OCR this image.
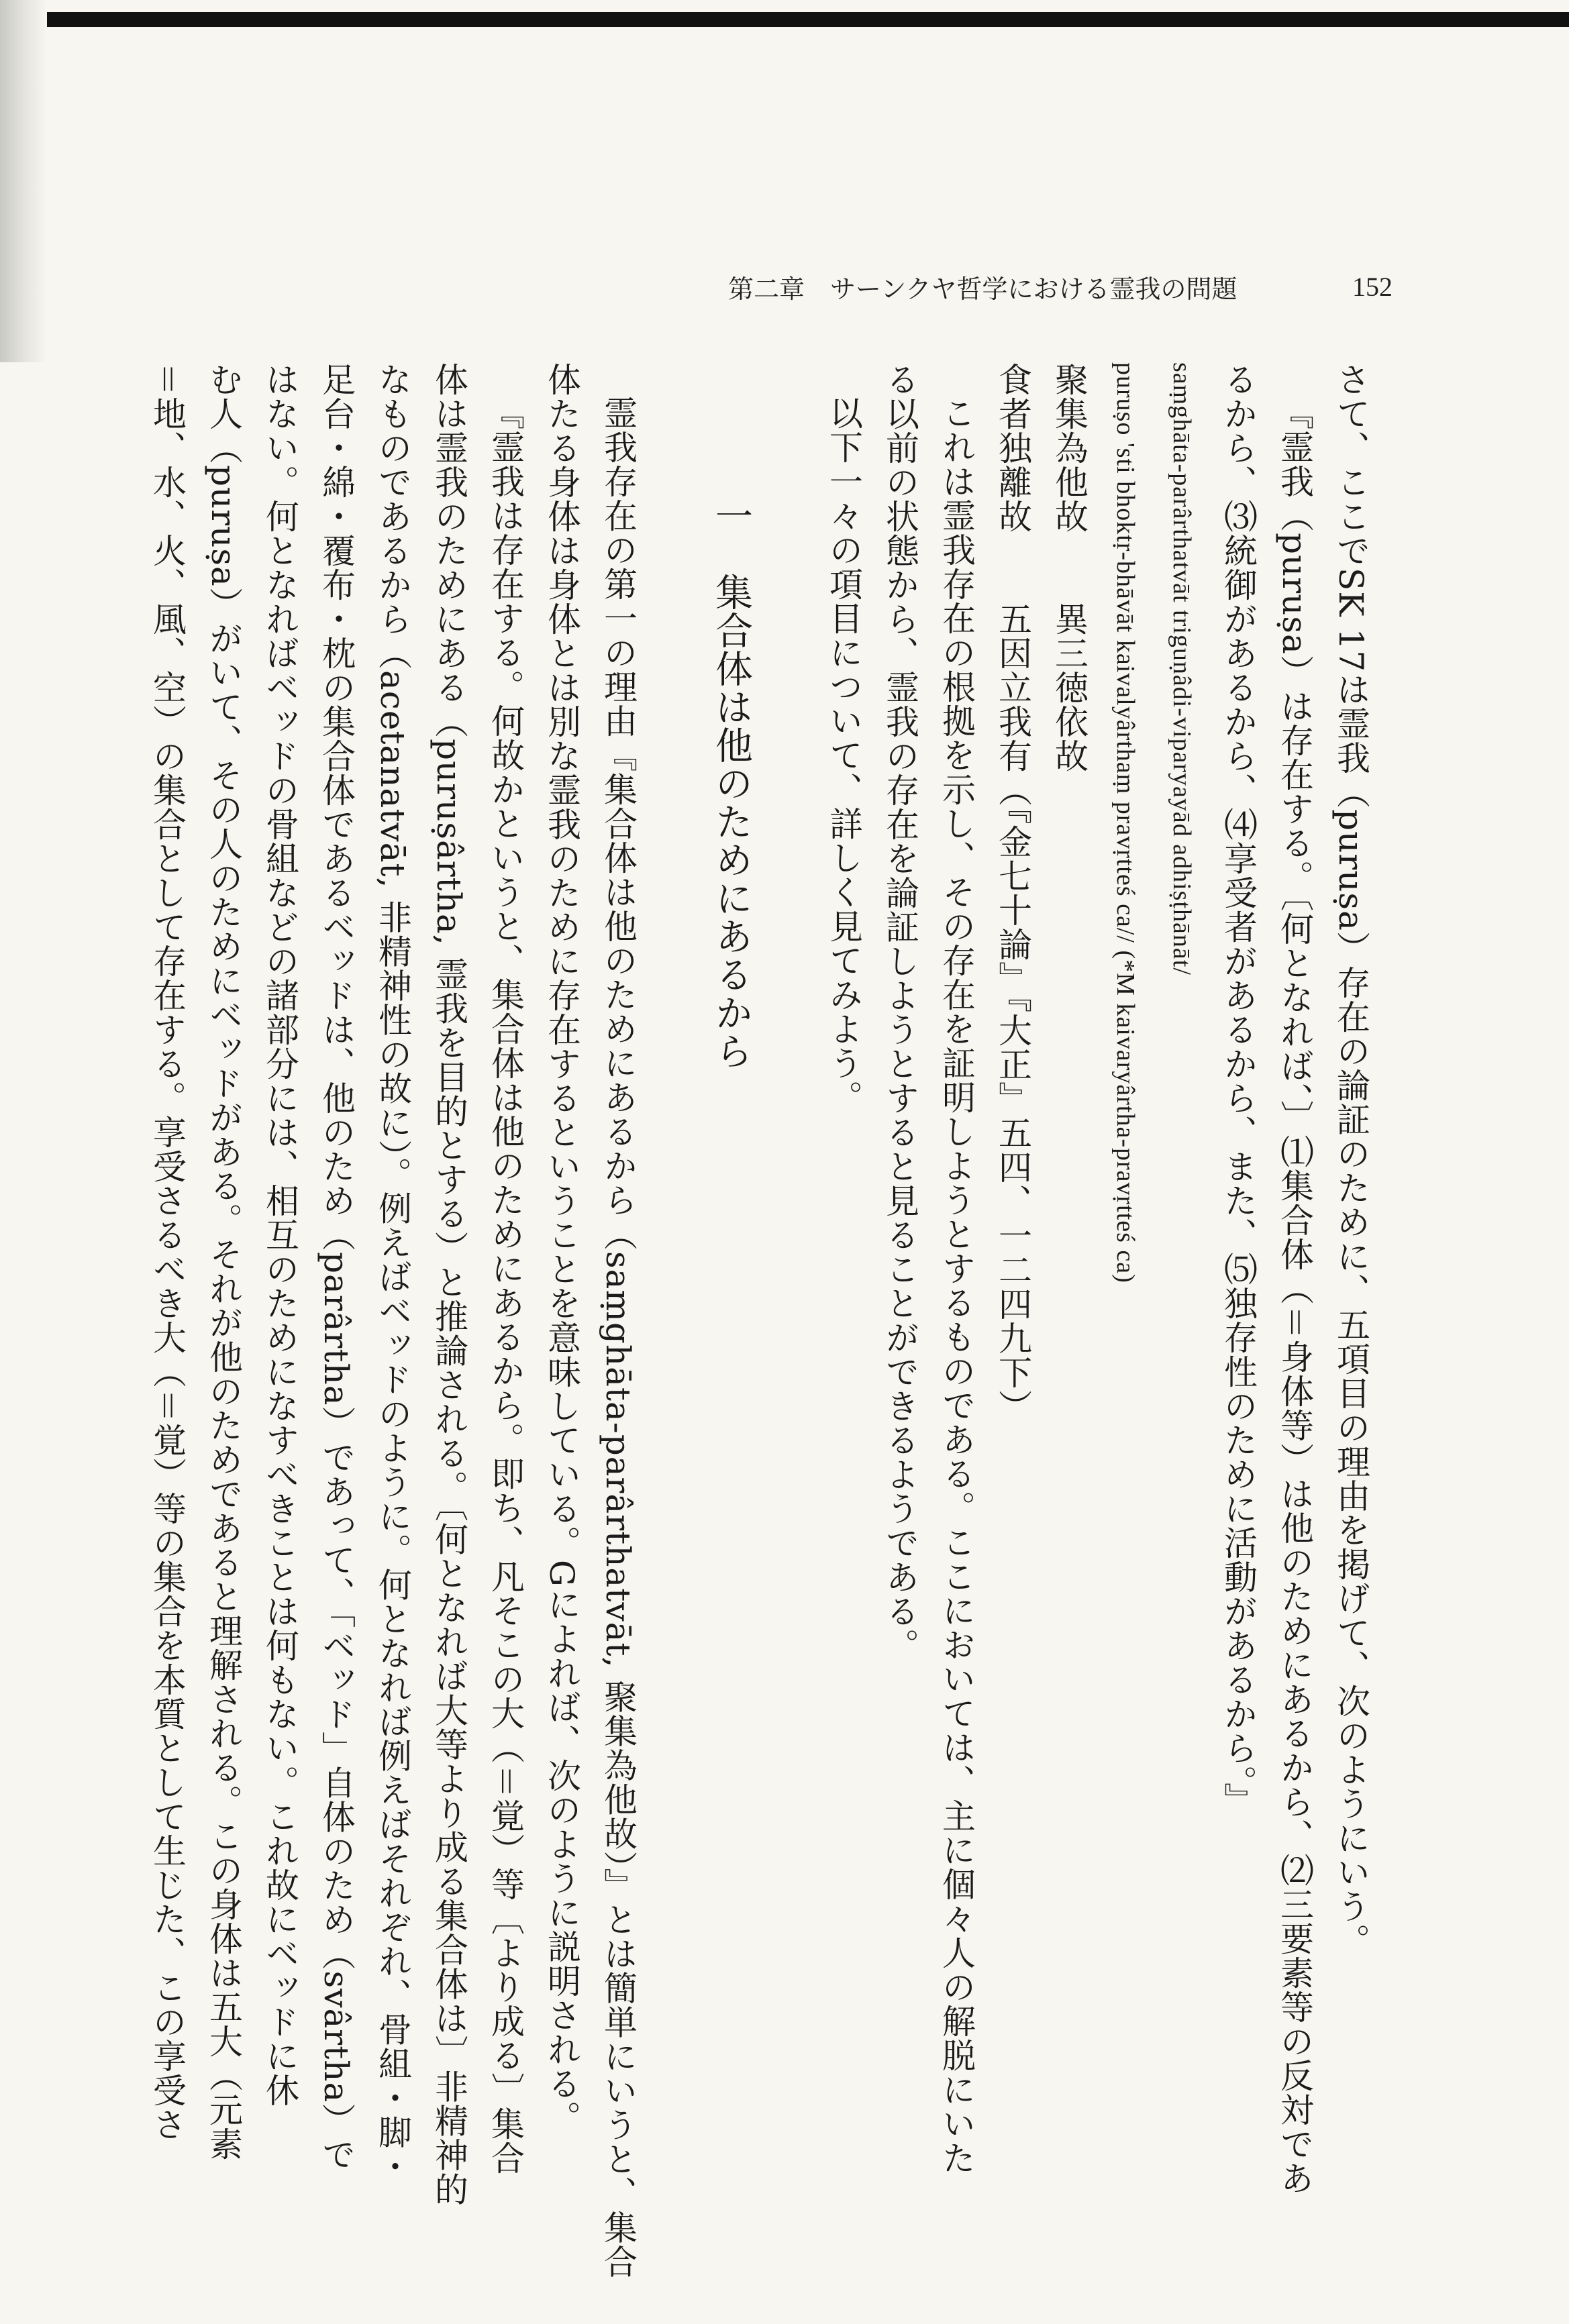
第二章　サーンクヤ哲学における霊我の問題	152
さて、ここでSK 17は霊我（puruṣa）存在の論証のために、五項目の理由を掲げて、次のようにいう。
『霊我（puruṣa）は存在する。〔何となれば、〕⑴集合体（＝身体等）は他のためにあるから、⑵三要素等の反対であ
るから、⑶統御があるから、⑷享受者があるから、また、⑸独存性のために活動があるから。』
saṃghāta-parârthatvāt triguṇâdi-viparyayād adhiṣṭhānāt/
puruṣo 'sti bhoktṛ-bhāvāt kaivalyârthaṃ pravṛtteś ca// (*M kaivaryârtha-pravṛtteś ca)
聚集為他故　　異三徳依故
食者独離故　　五因立我有（『金七十論』『大正』五四、一二四九下）
これは霊我存在の根拠を示し、その存在を証明しようとするものである。ここにおいては、主に個々人の解脱にいた
る以前の状態から、霊我の存在を論証しようとすると見ることができるようである。
以下一々の項目について、詳しく見てみよう。
一　集合体は他のためにあるから
霊我存在の第一の理由『集合体は他のためにあるから（saṃghāta-parârthatvāt, 聚集為他故）』とは簡単にいうと、集合
体たる身体は身体とは別な霊我のために存在するということを意味している。Gによれば、次のように説明される。
『霊我は存在する。何故かというと、集合体は他のためにあるから。即ち、凡そこの大（＝覚）等〔より成る〕集合
体は霊我のためにある（puruṣârtha, 霊我を目的とする）と推論される。〔何となれば大等より成る集合体は〕非精神的
なものであるから（acetanatvāt, 非精神性の故に）。例えばベッドのように。何となれば例えばそれぞれ、骨組・脚・
足台・綿・覆布・枕の集合体であるベッドは、他のため（parârtha）であって、「ベッド」自体のため（svârtha）で
はない。何となればベッドの骨組などの諸部分には、相互のためになすべきことは何もない。これ故にベッドに休
む人（puruṣa）がいて、その人のためにベッドがある。それが他のためであると理解される。この身体は五大（元素
＝地、水、火、風、空）の集合として存在する。享受さるべき大（＝覚）等の集合を本質として生じた、この享受さ
